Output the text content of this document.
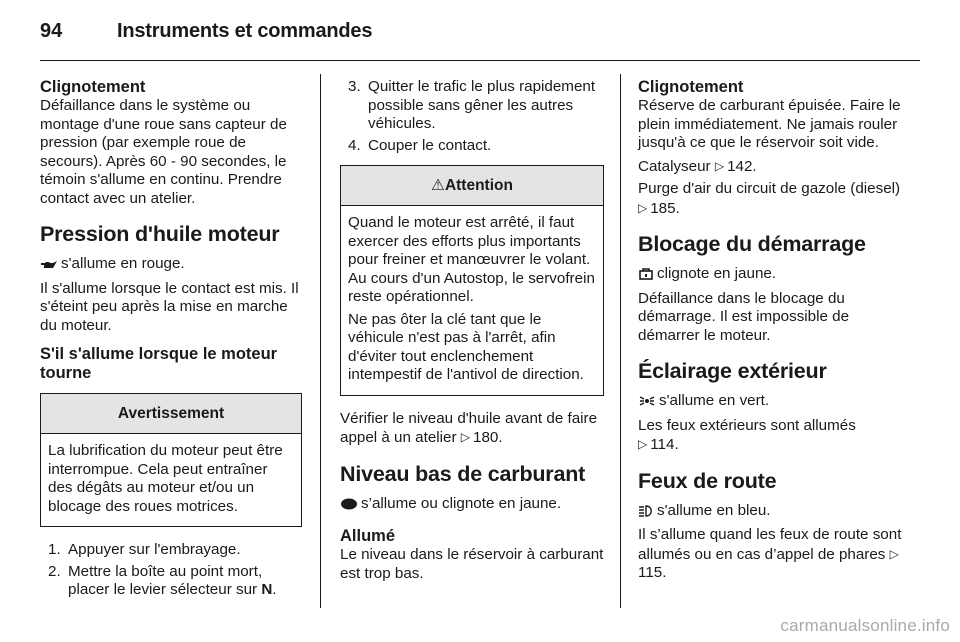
94	Instruments et commandes
Clignotement

Défaillance dans le système ou montage d'une roue sans capteur de pression (par exemple roue de secours). Après 60 - 90 secondes, le témoin s'allume en continu. Prendre contact avec un atelier.

Pression d'huile moteur

s'allume en rouge.

Il s'allume lorsque le contact est mis. Il s'éteint peu après la mise en marche du moteur.

S'il s'allume lorsque le moteur tourne
Avertissement

La lubrification du moteur peut être interrompue. Cela peut entraîner des dégâts au moteur et/ou un blocage des roues motrices.

1. Appuyer sur l'embrayage.
2. Mettre la boîte au point mort, placer le levier sélecteur sur N.
3. Quitter le trafic le plus rapidement possible sans gêner les autres véhicules.
4. Couper le contact.
⚠Attention

Quand le moteur est arrêté, il faut exercer des efforts plus importants pour freiner et manœuvrer le volant. Au cours d'un Autostop, le servofrein reste opérationnel.

Ne pas ôter la clé tant que le véhicule n'est pas à l'arrêt, afin d'éviter tout enclenchement intempestif de l'antivol de direction.

Vérifier le niveau d'huile avant de faire appel à un atelier ▷ 180.

Niveau bas de carburant

s’allume ou clignote en jaune.

Allumé

Le niveau dans le réservoir à carburant est trop bas.

Clignotement

Réserve de carburant épuisée. Faire le plein immédiatement. Ne jamais rouler jusqu'à ce que le réservoir soit vide.

Catalyseur ▷ 142.

Purge d'air du circuit de gazole (diesel) ▷ 185.

Blocage du démarrage

clignote en jaune.

Défaillance dans le blocage du démarrage. Il est impossible de démarrer le moteur.

Éclairage extérieur

s'allume en vert.

Les feux extérieurs sont allumés
▷ 114.

Feux de route

s'allume en bleu.

Il s’allume quand les feux de route sont allumés ou en cas d’appel de phares ▷115.

carmanualsonline.info
